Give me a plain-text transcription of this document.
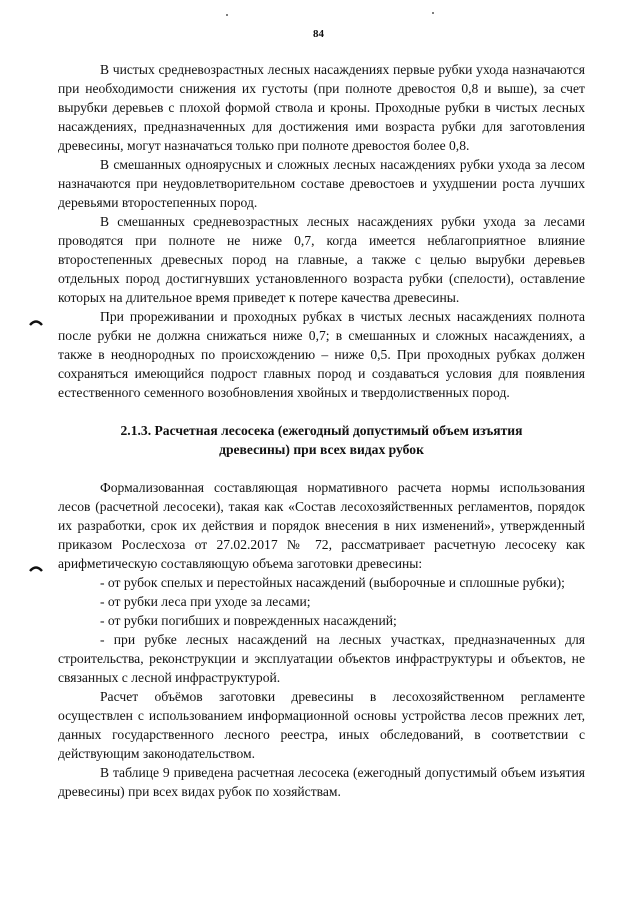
84

В чистых средневозрастных лесных насаждениях первые рубки ухода назначаются при необходимости снижения их густоты (при полноте древостоя 0,8 и выше), за счет вырубки деревьев с плохой формой ствола и кроны. Проходные рубки в чистых лесных насаждениях, предназначенных для достижения ими возраста рубки для заготовления древесины, могут назначаться только при полноте древостоя более 0,8.

В смешанных одноярусных и сложных лесных насаждениях рубки ухода за лесом назначаются при неудовлетворительном составе древостоев и ухудшении роста лучших деревьями второстепенных пород.

В смешанных средневозрастных лесных насаждениях рубки ухода за лесами проводятся при полноте не ниже 0,7, когда имеется неблагоприятное влияние второстепенных древесных пород на главные, а также с целью вырубки деревьев отдельных пород достигнувших установленного возраста рубки (спелости), оставление которых на длительное время приведет к потере качества древесины.

При прореживании и проходных рубках в чистых лесных насаждениях полнота после рубки не должна снижаться ниже 0,7; в смешанных и сложных насаждениях, а также в неоднородных по происхождению – ниже 0,5. При проходных рубках должен сохраняться имеющийся подрост главных пород и создаваться условия для появления естественного семенного возобновления хвойных и твердолиственных пород.

2.1.3. Расчетная лесосека (ежегодный допустимый объем изъятия
древесины) при всех видах рубок

Формализованная составляющая нормативного расчета нормы использования лесов (расчетной лесосеки), такая как «Состав лесохозяйственных регламентов, порядок их разработки, срок их действия и порядок внесения в них изменений», утвержденный приказом Рослесхоза от 27.02.2017 № 72, рассматривает расчетную лесосеку как арифметическую составляющую объема заготовки древесины:

- от рубок спелых и перестойных насаждений (выборочные и сплошные рубки);
- от рубки леса при уходе за лесами;
- от рубки погибших и поврежденных насаждений;
- при рубке лесных насаждений на лесных участках, предназначенных для строительства, реконструкции и эксплуатации объектов инфраструктуры и объектов, не связанных с лесной инфраструктурой.

Расчет объёмов заготовки древесины в лесохозяйственном регламенте осуществлен с использованием информационной основы устройства лесов прежних лет, данных государственного лесного реестра, иных обследований, в соответствии с действующим законодательством.

В таблице 9 приведена расчетная лесосека (ежегодный допустимый объем изъятия древесины) при всех видах рубок по хозяйствам.
